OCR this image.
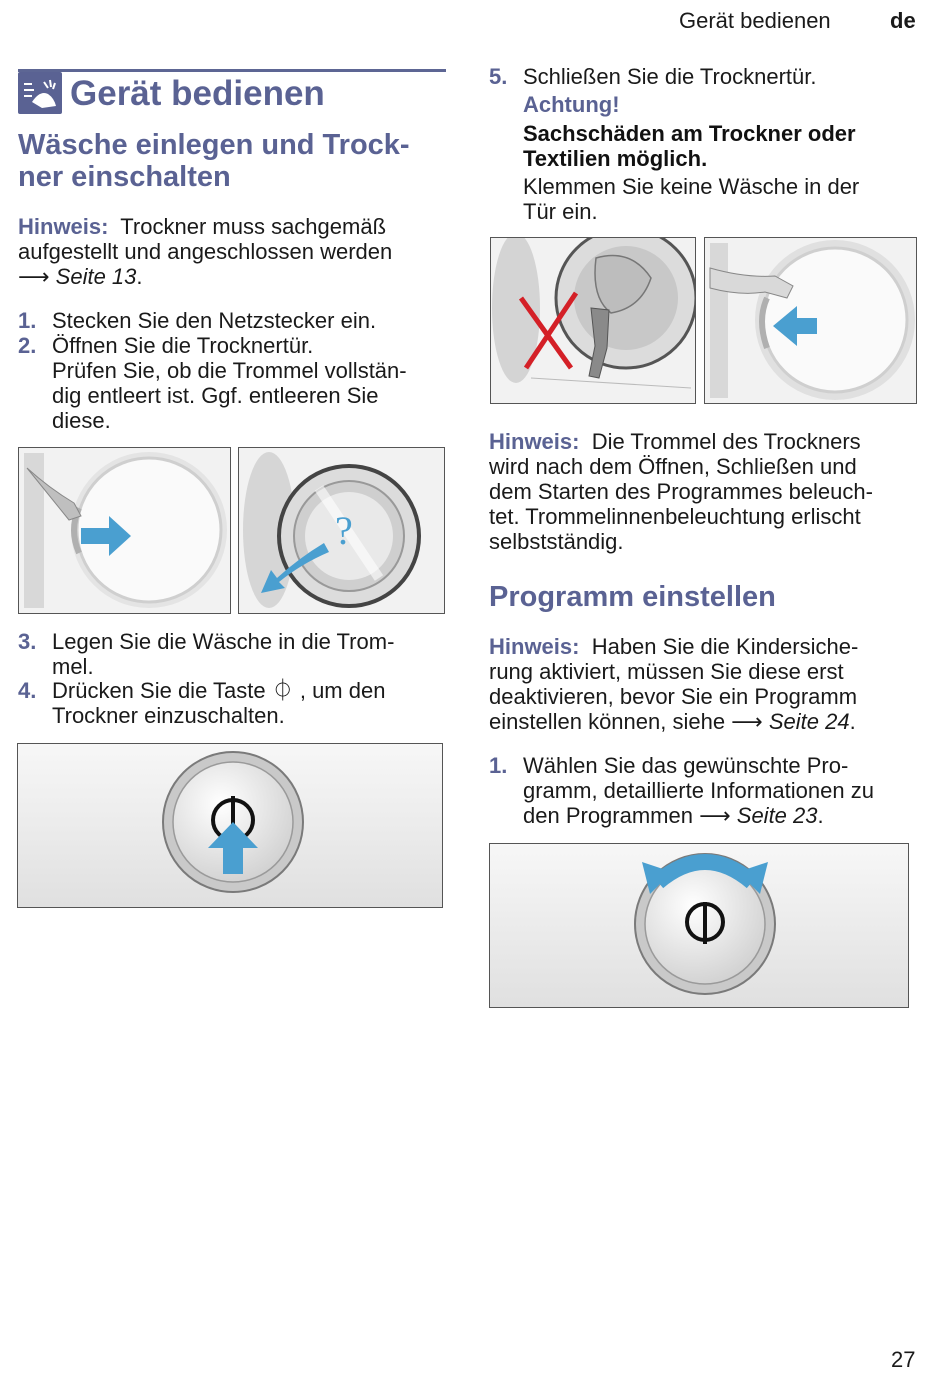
Gerät bedienen	de
Gerät bedienen
Wäsche einlegen und Trock-
ner einschalten
Hinweis: Trockner muss sachgemäß
aufgestellt und angeschlossen werden
⟶ Seite 13.
1. Stecken Sie den Netzstecker ein.
2. Öffnen Sie die Trocknertür.
Prüfen Sie, ob die Trommel vollstän-
dig entleert ist. Ggf. entleeren Sie
diese.
?
3. Legen Sie die Wäsche in die Trom-
mel.
4. Drücken Sie die Taste ⏀ , um den
Trockner einzuschalten.
5. Schließen Sie die Trocknertür.
Achtung!
Sachschäden am Trockner oder
Textilien möglich.
Klemmen Sie keine Wäsche in der
Tür ein.
Hinweis: Die Trommel des Trockners
wird nach dem Öffnen, Schließen und
dem Starten des Programmes beleuch-
tet. Trommelinnenbeleuchtung erlischt
selbstständig.
Programm einstellen
Hinweis: Haben Sie die Kindersiche-
rung aktiviert, müssen Sie diese erst
deaktivieren, bevor Sie ein Programm
einstellen können, siehe ⟶ Seite 24.
1. Wählen Sie das gewünschte Pro-
gramm, detaillierte Informationen zu
den Programmen ⟶ Seite 23.
27
